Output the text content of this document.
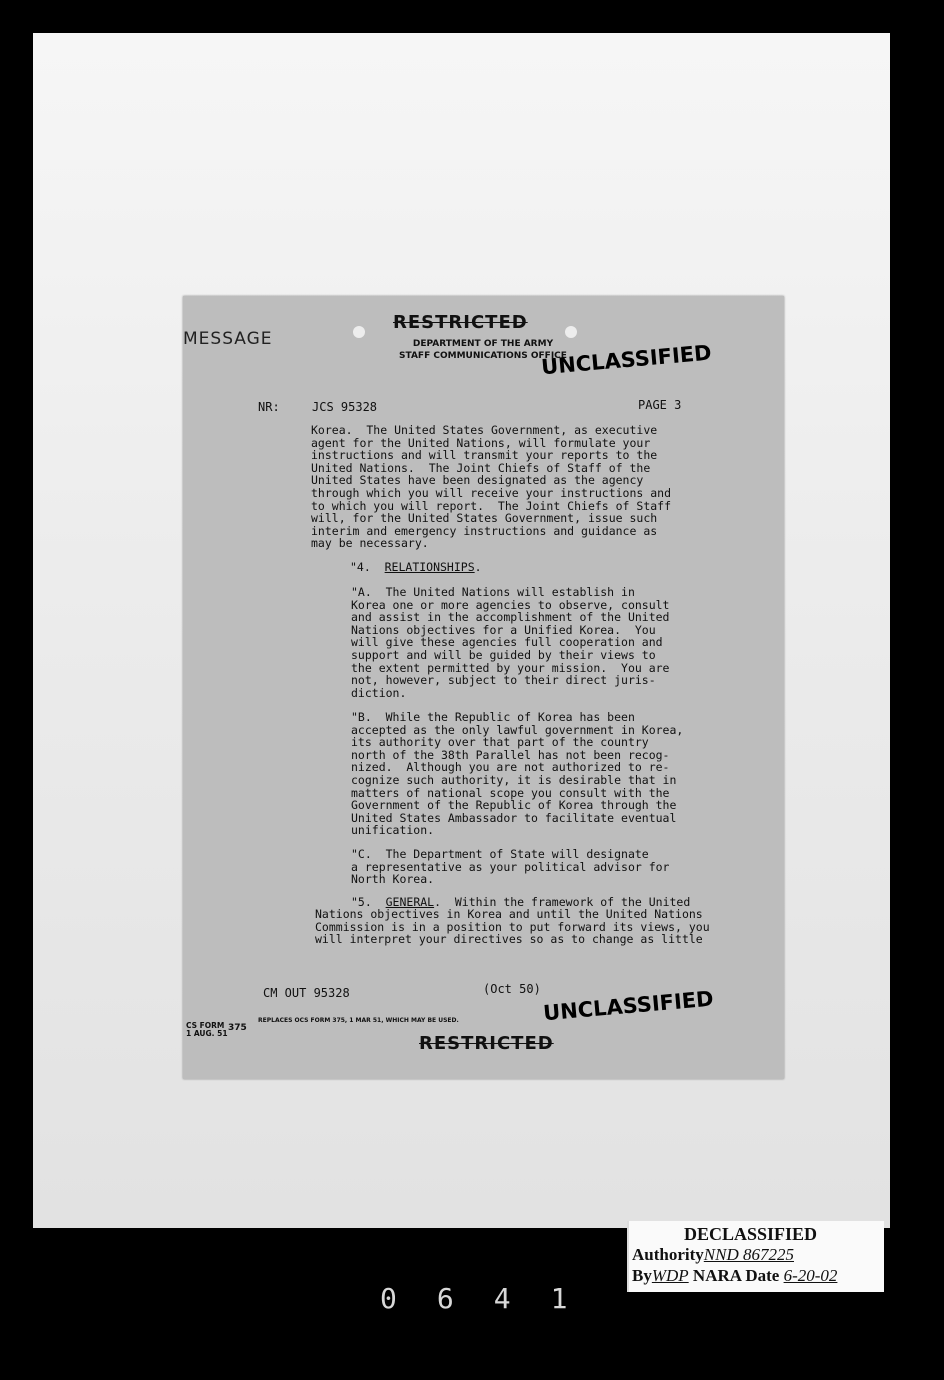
MESSAGE
RESTRICTED
DEPARTMENT OF THE ARMY
STAFF COMMUNICATIONS OFFICE
UNCLASSIFIED
NR:	JCS 95328	PAGE 3
Korea.  The United States Government, as executive
agent for the United Nations, will formulate your
instructions and will transmit your reports to the
United Nations.  The Joint Chiefs of Staff of the
United States have been designated as the agency
through which you will receive your instructions and
to which you will report.  The Joint Chiefs of Staff
will, for the United States Government, issue such
interim and emergency instructions and guidance as
may be necessary.
"4.  RELATIONSHIPS.
"A.  The United Nations will establish in
Korea one or more agencies to observe, consult
and assist in the accomplishment of the United
Nations objectives for a Unified Korea.  You
will give these agencies full cooperation and
support and will be guided by their views to
the extent permitted by your mission.  You are
not, however, subject to their direct juris-
diction.
"B.  While the Republic of Korea has been
accepted as the only lawful government in Korea,
its authority over that part of the country
north of the 38th Parallel has not been recog-
nized.  Although you are not authorized to re-
cognize such authority, it is desirable that in
matters of national scope you consult with the
Government of the Republic of Korea through the
United States Ambassador to facilitate eventual
unification.
"C.  The Department of State will designate
a representative as your political advisor for
North Korea.
"5.  GENERAL.  Within the framework of the United
Nations objectives in Korea and until the United Nations
Commission is in a position to put forward its views, you
will interpret your directives so as to change as little
CM OUT 95328	(Oct 50) UNCLASSIFIED
CS FORM
1 AUG. 51
375
REPLACES OCS FORM 375, 1 MAR 51, WHICH MAY BE USED.
RESTRICTED
DECLASSIFIED
AuthorityNND 867225
ByWDP NARA Date 6-20-02
0641
